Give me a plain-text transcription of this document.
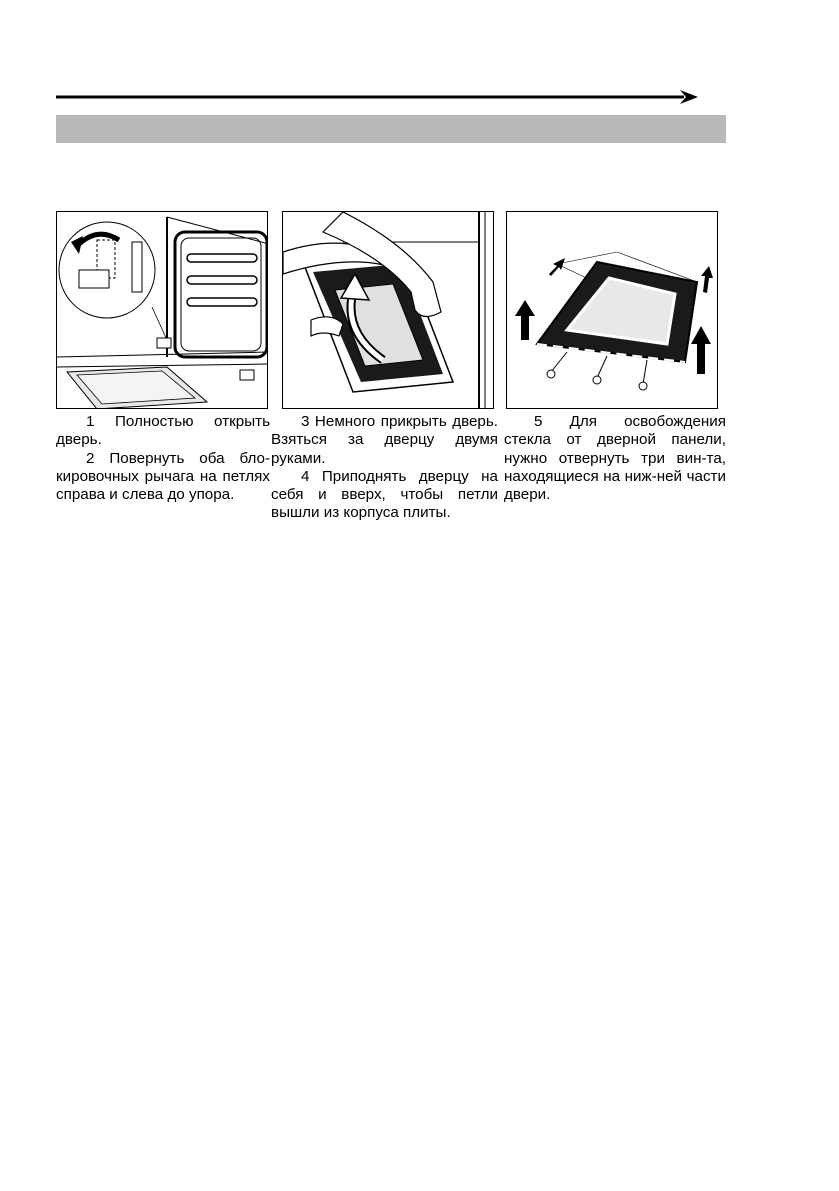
1 Полностью открыть дверь.

2 Повернуть оба бло-кировочных рычага на петлях справа и слева до упора.

3 Немного прикрыть дверь. Взяться за дверцу двумя руками.

4 Приподнять дверцу на себя и вверх, чтобы петли вышли из корпуса плиты.

5 Для освобождения стекла от дверной панели, нужно отвернуть три вин-та, находящиеся на ниж-ней части двери.
